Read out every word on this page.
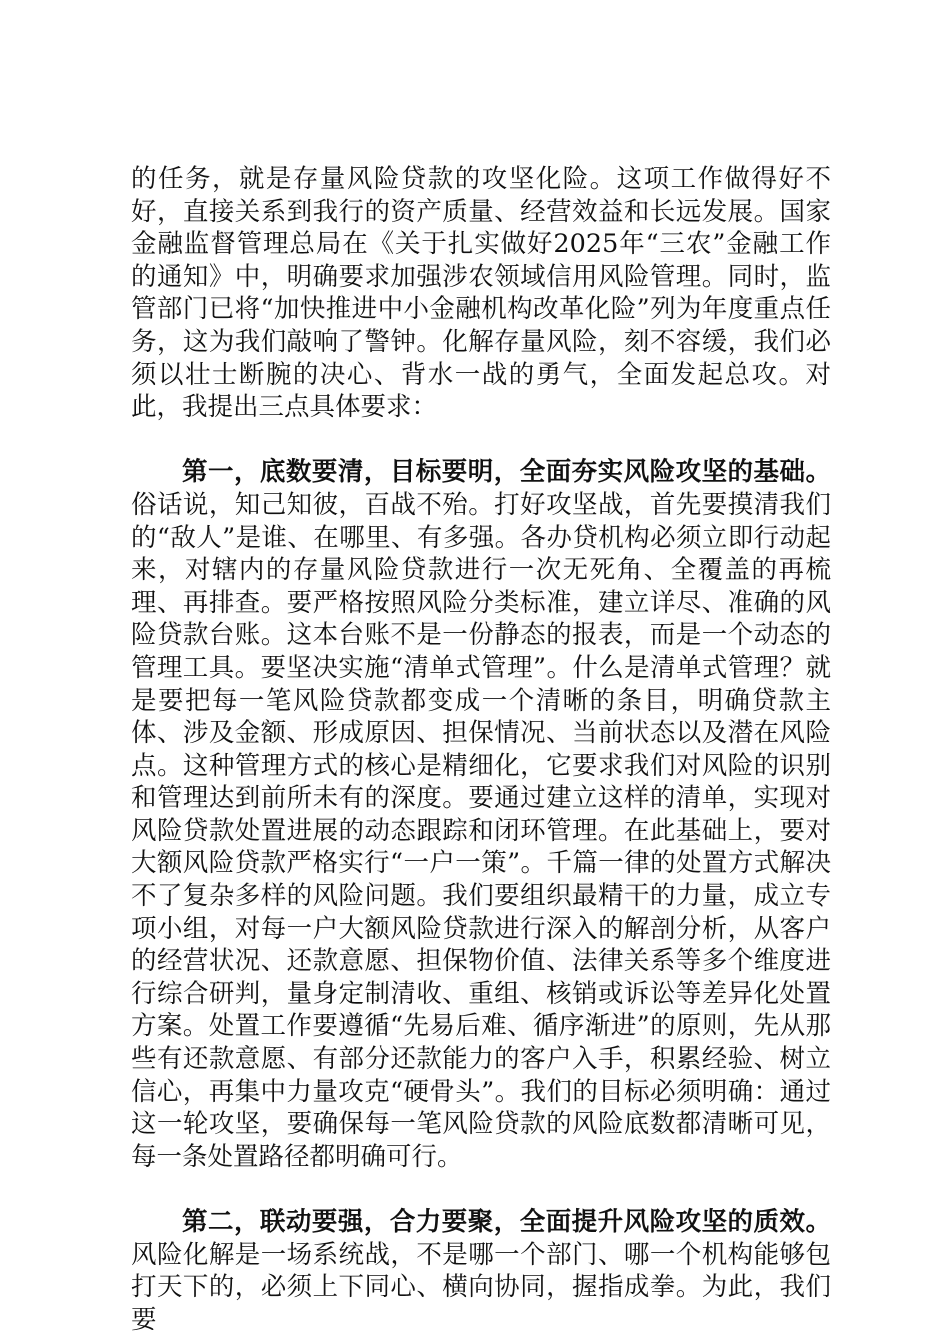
的任务，就是存量风险贷款的攻坚化险。这项工作做得好不好，直接关系到我行的资产质量、经营效益和长远发展。国家金融监督管理总局在《关于扎实做好2025年“三农”金融工作的通知》中，明确要求加强涉农领域信用风险管理。同时，监管部门已将“加快推进中小金融机构改革化险”列为年度重点任务，这为我们敲响了警钟。化解存量风险，刻不容缓，我们必须以壮士断腕的决心、背水一战的勇气，全面发起总攻。对此，我提出三点具体要求：

第一，底数要清，目标要明，全面夯实风险攻坚的基础。俗话说，知己知彼，百战不殆。打好攻坚战，首先要摸清我们的“敌人”是谁、在哪里、有多强。各办贷机构必须立即行动起来，对辖内的存量风险贷款进行一次无死角、全覆盖的再梳理、再排查。要严格按照风险分类标准，建立详尽、准确的风险贷款台账。这本台账不是一份静态的报表，而是一个动态的管理工具。要坚决实施“清单式管理”。什么是清单式管理？就是要把每一笔风险贷款都变成一个清晰的条目，明确贷款主体、涉及金额、形成原因、担保情况、当前状态以及潜在风险点。这种管理方式的核心是精细化，它要求我们对风险的识别和管理达到前所未有的深度。要通过建立这样的清单，实现对风险贷款处置进展的动态跟踪和闭环管理。在此基础上，要对大额风险贷款严格实行“一户一策”。千篇一律的处置方式解决不了复杂多样的风险问题。我们要组织最精干的力量，成立专项小组，对每一户大额风险贷款进行深入的解剖分析，从客户的经营状况、还款意愿、担保物价值、法律关系等多个维度进行综合研判，量身定制清收、重组、核销或诉讼等差异化处置方案。处置工作要遵循“先易后难、循序渐进”的原则，先从那些有还款意愿、有部分还款能力的客户入手，积累经验、树立信心，再集中力量攻克“硬骨头”。我们的目标必须明确：通过这一轮攻坚，要确保每一笔风险贷款的风险底数都清晰可见，每一条处置路径都明确可行。

第二，联动要强，合力要聚，全面提升风险攻坚的质效。风险化解是一场系统战，不是哪一个部门、哪一个机构能够包打天下的，必须上下同心、横向协同，握指成拳。为此，我们要
